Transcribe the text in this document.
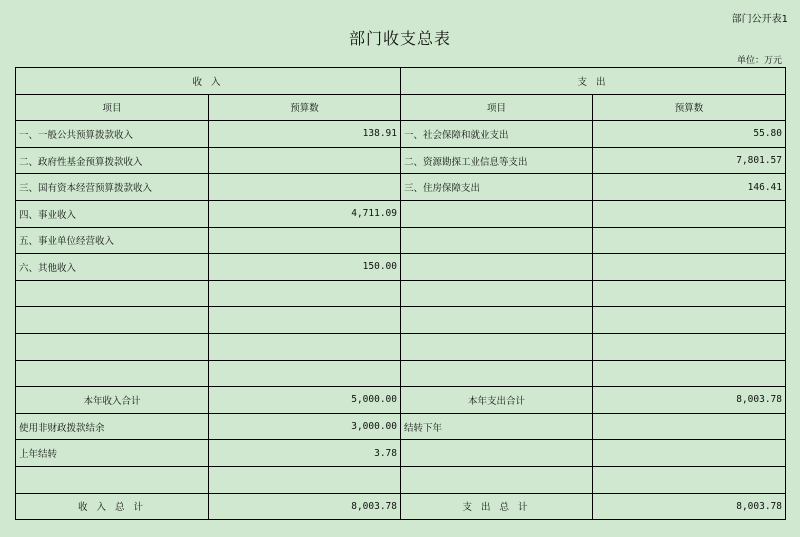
部门公开表1
部门收支总表
单位：万元
收 入		支 出	
项目	预算数	项目	预算数
一、一般公共预算拨款收入	138.91	一、社会保障和就业支出	55.80
二、政府性基金预算拨款收入		二、资源勘探工业信息等支出	7,801.57
三、国有资本经营预算拨款收入		三、住房保障支出	146.41
四、事业收入	4,711.09		
五、事业单位经营收入			
六、其他收入	150.00		

本年收入合计	5,000.00	本年支出合计	8,003.78
使用非财政拨款结余	3,000.00	结转下年	
上年结转	3.78		

收 入 总 计	8,003.78	支 出 总 计	8,003.78
